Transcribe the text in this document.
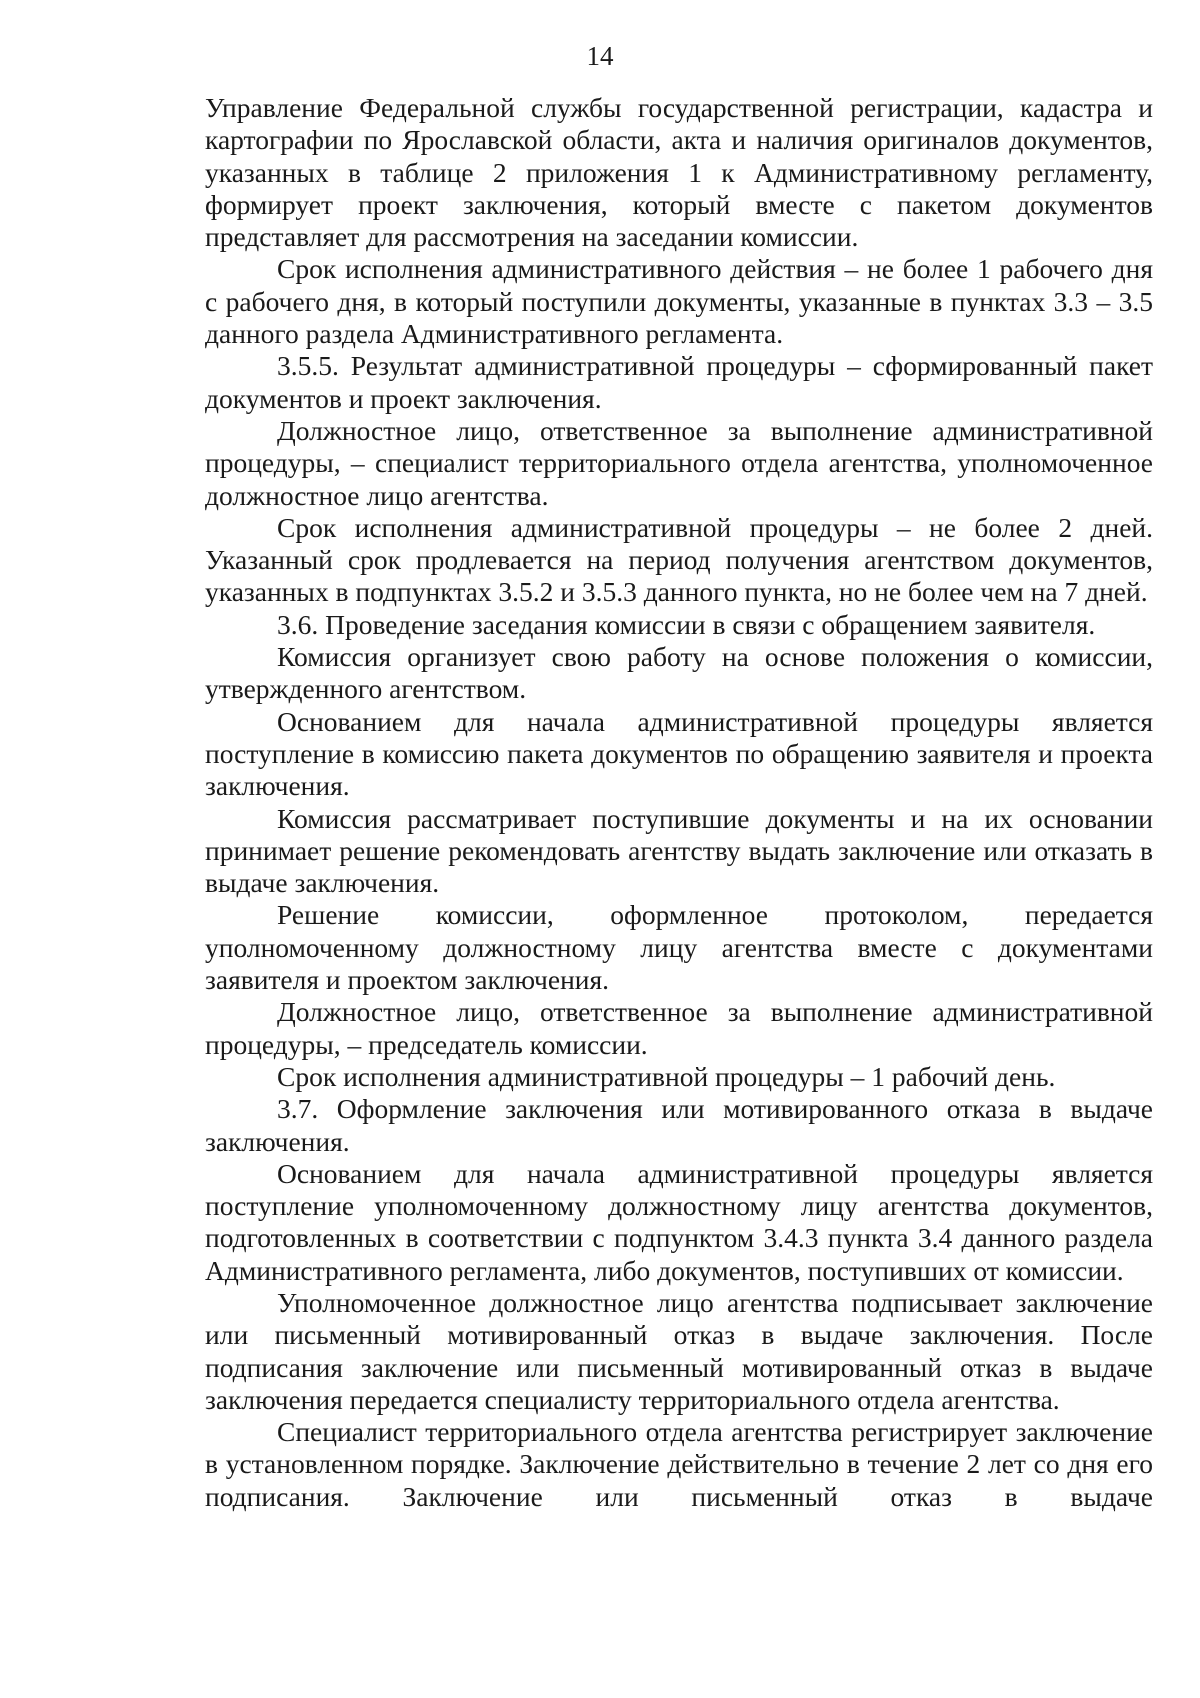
14

Управление Федеральной службы государственной регистрации, кадастра и картографии по Ярославской области, акта и наличия оригиналов документов, указанных в таблице 2 приложения 1 к Административному регламенту, формирует проект заключения, который вместе с пакетом документов представляет для рассмотрения на заседании комиссии.

Срок исполнения административного действия – не более 1 рабочего дня с рабочего дня, в который поступили документы, указанные в пунктах 3.3 – 3.5 данного раздела Административного регламента.

3.5.5. Результат административной процедуры – сформированный пакет документов и проект заключения.

Должностное лицо, ответственное за выполнение административной процедуры, – специалист территориального отдела агентства, уполномоченное должностное лицо агентства.

Срок исполнения административной процедуры – не более 2 дней. Указанный срок продлевается на период получения агентством документов, указанных в подпунктах 3.5.2 и 3.5.3 данного пункта, но не более чем на 7 дней.

3.6. Проведение заседания комиссии в связи с обращением заявителя.

Комиссия организует свою работу на основе положения о комиссии, утвержденного агентством.

Основанием для начала административной процедуры является поступление в комиссию пакета документов по обращению заявителя и проекта заключения.

Комиссия рассматривает поступившие документы и на их основании принимает решение рекомендовать агентству выдать заключение или отказать в выдаче заключения.

Решение комиссии, оформленное протоколом, передается уполномоченному должностному лицу агентства вместе с документами заявителя и проектом заключения.

Должностное лицо, ответственное за выполнение административной процедуры, – председатель комиссии.

Срок исполнения административной процедуры – 1 рабочий день.

3.7. Оформление заключения или мотивированного отказа в выдаче заключения.

Основанием для начала административной процедуры является поступление уполномоченному должностному лицу агентства документов, подготовленных в соответствии с подпунктом 3.4.3 пункта 3.4 данного раздела Административного регламента, либо документов, поступивших от комиссии.

Уполномоченное должностное лицо агентства подписывает заключение или письменный мотивированный отказ в выдаче заключения. После подписания заключение или письменный мотивированный отказ в выдаче заключения передается специалисту территориального отдела агентства.

Специалист территориального отдела агентства регистрирует заключение в установленном порядке. Заключение действительно в течение 2 лет со дня его подписания. Заключение или письменный отказ в выдаче
